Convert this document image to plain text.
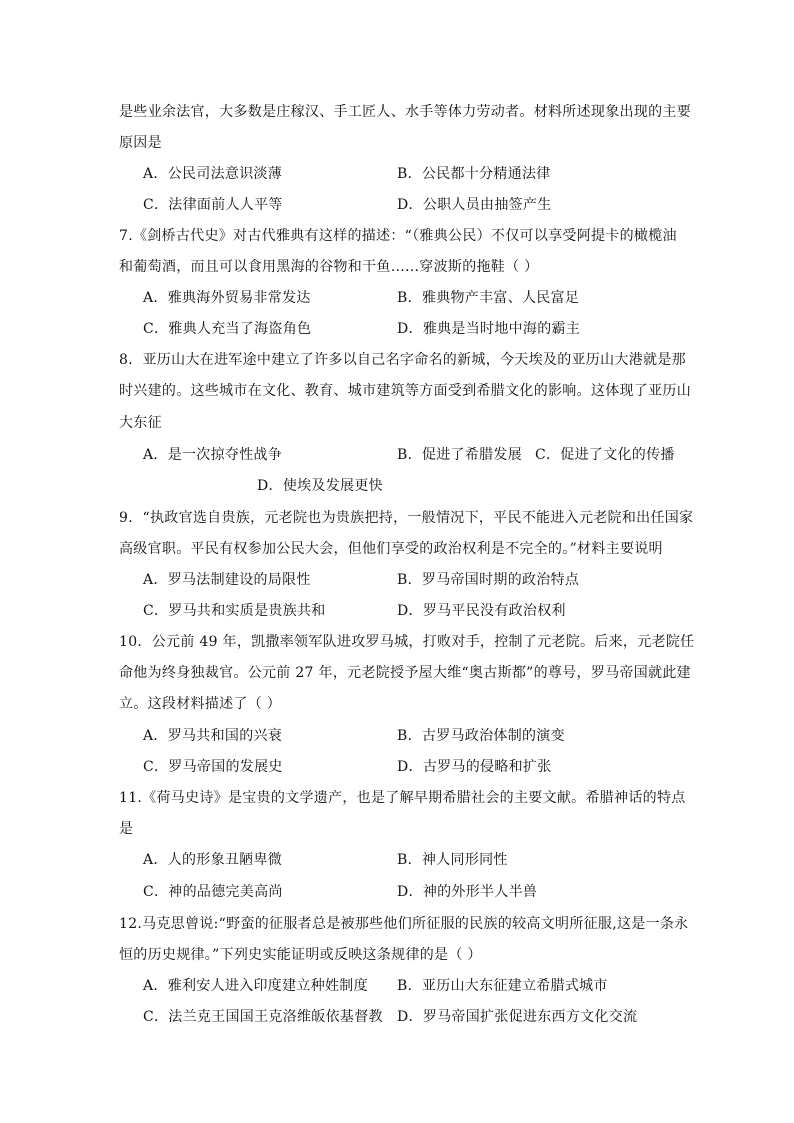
是些业余法官，大多数是庄稼汉、手工匠人、水手等体力劳动者。材料所述现象出现的主要
原因是
A．公民司法意识淡薄	B．公民都十分精通法律
C．法律面前人人平等	D．公职人员由抽签产生
7.《剑桥古代史》对古代雅典有这样的描述：“（雅典公民）不仅可以享受阿提卡的橄榄油
和葡萄酒，而且可以食用黑海的谷物和干鱼……穿波斯的拖鞋（ ）
A．雅典海外贸易非常发达	B．雅典物产丰富、人民富足
C．雅典人充当了海盗角色	D．雅典是当时地中海的霸主
8．亚历山大在进军途中建立了许多以自己名字命名的新城，今天埃及的亚历山大港就是那
时兴建的。这些城市在文化、教育、城市建筑等方面受到希腊文化的影响。这体现了亚历山
大东征
A．是一次掠夺性战争	B．促进了希腊发展 C．促进了文化的传播
D．使埃及发展更快
9．“执政官选自贵族，元老院也为贵族把持，一般情况下，平民不能进入元老院和出任国家
高级官职。平民有权参加公民大会，但他们享受的政治权利是不完全的。”材料主要说明
A．罗马法制建设的局限性	B．罗马帝国时期的政治特点
C．罗马共和实质是贵族共和	D．罗马平民没有政治权利
10．公元前 49 年，凯撒率领军队进攻罗马城，打败对手，控制了元老院。后来，元老院任
命他为终身独裁官。公元前 27 年，元老院授予屋大维“奥古斯都”的尊号，罗马帝国就此建
立。这段材料描述了（ ）
A．罗马共和国的兴衰	B．古罗马政治体制的演变
C．罗马帝国的发展史	D．古罗马的侵略和扩张
11.《荷马史诗》是宝贵的文学遗产，也是了解早期希腊社会的主要文献。希腊神话的特点
是
A．人的形象丑陋卑微	B．神人同形同性
C．神的品德完美高尚	D．神的外形半人半兽
12.马克思曾说:“野蛮的征服者总是被那些他们所征服的民族的较高文明所征服,这是一条永
恒的历史规律。”下列史实能证明或反映这条规律的是（ ）
A．雅利安人进入印度建立种姓制度 B．亚历山大东征建立希腊式城市
C．法兰克王国国王克洛维皈依基督教 D．罗马帝国扩张促进东西方文化交流
